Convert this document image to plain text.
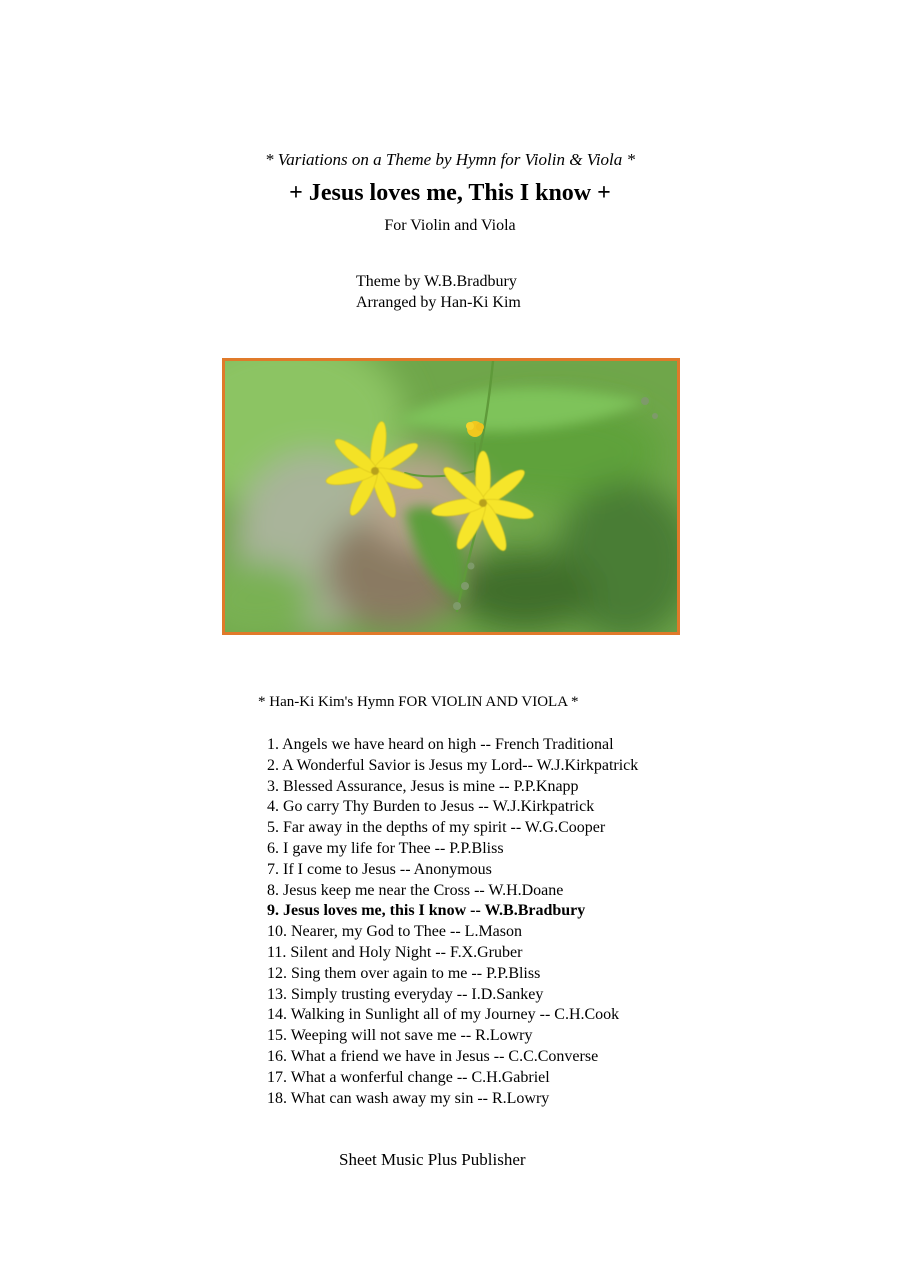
* Variations on a Theme by Hymn for Violin & Viola *
+ Jesus loves me, This I know +
For Violin and Viola
Theme by W.B.Bradbury
Arranged by Han-Ki Kim
* Han-Ki Kim's Hymn FOR VIOLIN AND VIOLA *
1. Angels we have heard on high -- French Traditional
2. A Wonderful Savior is Jesus my Lord-- W.J.Kirkpatrick
3. Blessed Assurance, Jesus is mine -- P.P.Knapp
4. Go carry Thy Burden to Jesus -- W.J.Kirkpatrick
5. Far away in the depths of my spirit -- W.G.Cooper
6. I gave my life for Thee -- P.P.Bliss
7. If I come to Jesus -- Anonymous
8. Jesus keep me near the Cross -- W.H.Doane
9. Jesus loves me, this I know -- W.B.Bradbury
10. Nearer, my God to Thee -- L.Mason
11. Silent and Holy Night -- F.X.Gruber
12. Sing them over again to me -- P.P.Bliss
13. Simply trusting everyday -- I.D.Sankey
14. Walking in Sunlight all of my Journey -- C.H.Cook
15. Weeping will not save me -- R.Lowry
16. What a friend we have in Jesus -- C.C.Converse
17. What a wonferful change -- C.H.Gabriel
18. What can wash away my sin -- R.Lowry
Sheet Music Plus Publisher
